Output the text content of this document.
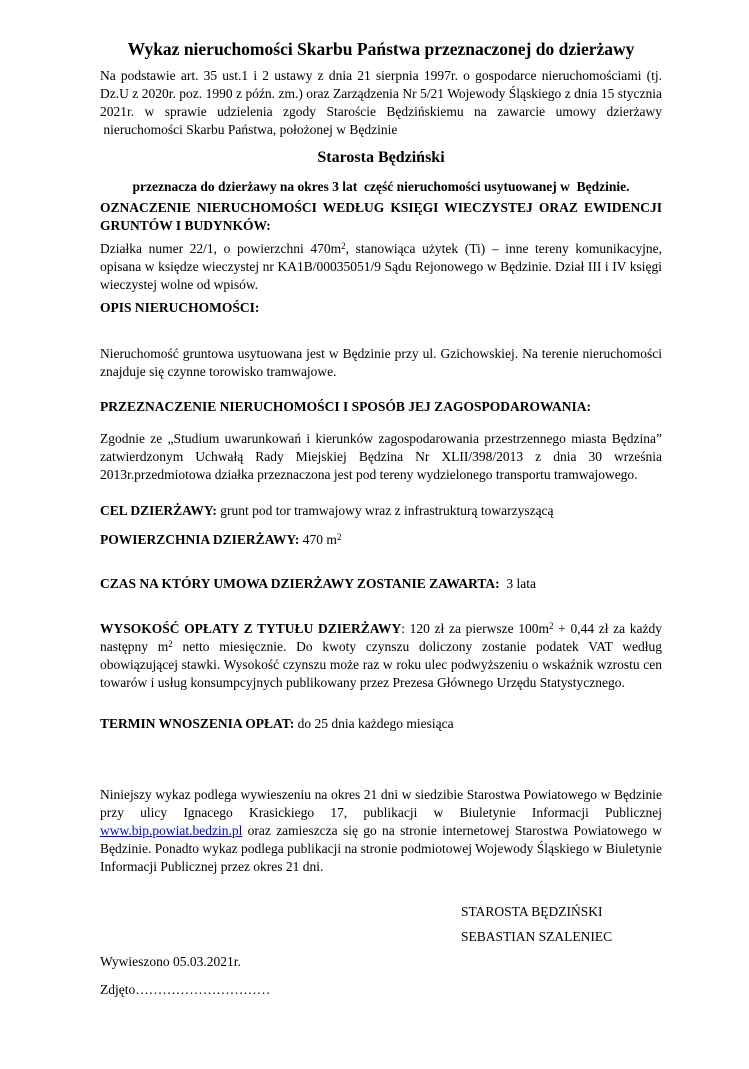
Wykaz nieruchomości Skarbu Państwa przeznaczonej do dzierżawy

Na podstawie art. 35 ust.1 i 2 ustawy z dnia 21 sierpnia 1997r. o gospodarce nieruchomościami (tj. Dz.U z 2020r. poz. 1990 z późn. zm.) oraz Zarządzenia Nr 5/21 Wojewody Śląskiego z dnia 15 stycznia 2021r. w sprawie udzielenia zgody Staroście Będzińskiemu na zawarcie umowy dzierżawy  nieruchomości Skarbu Państwa, położonej w Będzinie

Starosta Będziński

przeznacza do dzierżawy na okres 3 lat  część nieruchomości usytuowanej w  Będzinie.

OZNACZENIE NIERUCHOMOŚCI WEDŁUG KSIĘGI WIECZYSTEJ ORAZ EWIDENCJI GRUNTÓW I BUDYNKÓW:

Działka numer 22/1, o powierzchni $470m^2$, stanowiąca użytek (Ti) – inne tereny komunikacyjne, opisana w księdze wieczystej nr KA1B/00035051/9 Sądu Rejonowego w Będzinie. Dział III i IV księgi wieczystej wolne od wpisów.

OPIS NIERUCHOMOŚCI:

Nieruchomość gruntowa usytuowana jest w Będzinie przy ul. Gzichowskiej. Na terenie nieruchomości znajduje się czynne torowisko tramwajowe.

PRZEZNACZENIE NIERUCHOMOŚCI I SPOSÓB JEJ ZAGOSPODAROWANIA:

Zgodnie ze „Studium uwarunkowań i kierunków zagospodarowania przestrzennego miasta Będzina” zatwierdzonym Uchwałą Rady Miejskiej Będzina Nr XLII/398/2013 z dnia 30 września 2013r.przedmiotowa działka przeznaczona jest pod tereny wydzielonego transportu tramwajowego.

CEL DZIERŻAWY: grunt pod tor tramwajowy wraz z infrastrukturą towarzyszącą

POWIERZCHNIA DZIERŻAWY: 470 $m^2$

CZAS NA KTÓRY UMOWA DZIERŻAWY ZOSTANIE ZAWARTA:  3 lata

WYSOKOŚĆ OPŁATY Z TYTUŁU DZIERŻAWY: 120 zł za pierwsze $100m^2 + 0,44$ zł za każdy następny $m^2$ netto miesięcznie. Do kwoty czynszu doliczony zostanie podatek VAT według obowiązującej stawki. Wysokość czynszu może raz w roku ulec podwyższeniu o wskaźnik wzrostu cen towarów i usług konsumpcyjnych publikowany przez Prezesa Głównego Urzędu Statystycznego.

TERMIN WNOSZENIA OPŁAT: do 25 dnia każdego miesiąca

Niniejszy wykaz podlega wywieszeniu na okres 21 dni w siedzibie Starostwa Powiatowego w Będzinie przy ulicy Ignacego Krasickiego 17, publikacji w Biuletynie Informacji Publicznej www.bip.powiat.bedzin.pl oraz zamieszcza się go na stronie internetowej Starostwa Powiatowego w Będzinie. Ponadto wykaz podlega publikacji na stronie podmiotowej Wojewody Śląskiego w Biuletynie Informacji Publicznej przez okres 21 dni.

STAROSTA BĘDZIŃSKI
SEBASTIAN SZALENIEC

Wywieszono 05.03.2021r.

Zdjęto…………………………
